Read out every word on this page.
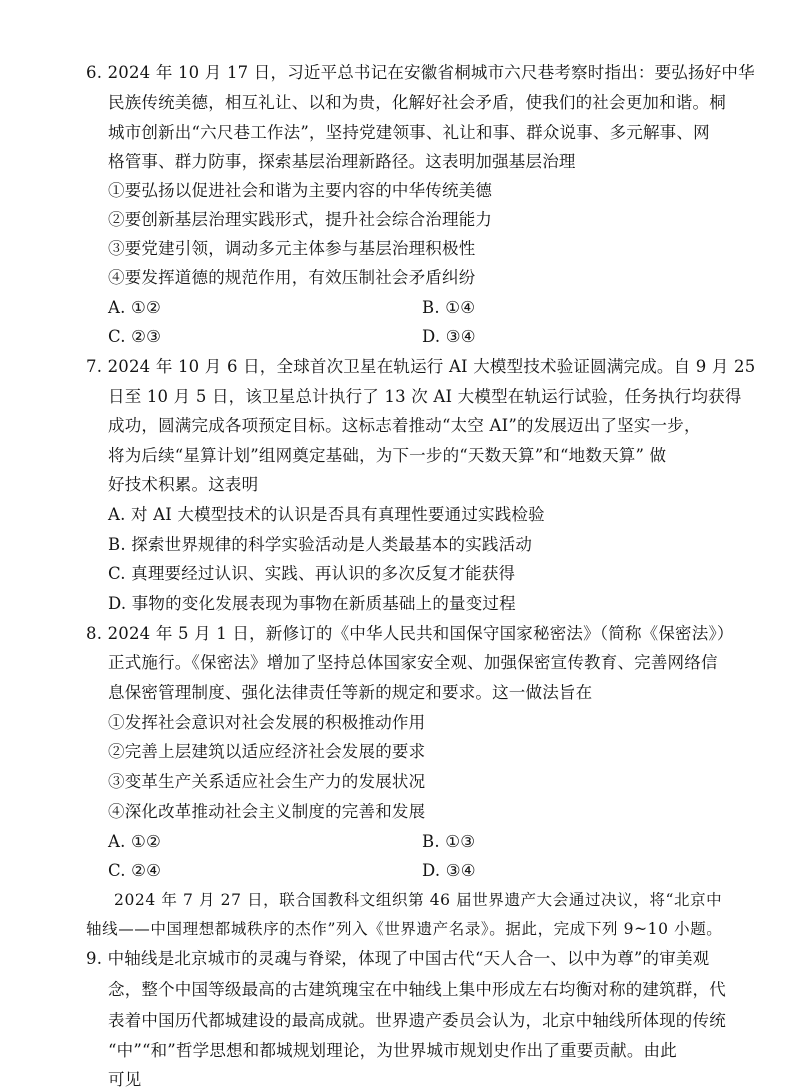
6. 2024 年 10 月 17 日，习近平总书记在安徽省桐城市六尺巷考察时指出：要弘扬好中华
民族传统美德，相互礼让、以和为贵，化解好社会矛盾，使我们的社会更加和谐。桐
城市创新出“六尺巷工作法”，坚持党建领事、礼让和事、群众说事、多元解事、网
格管事、群力防事，探索基层治理新路径。这表明加强基层治理
①要弘扬以促进社会和谐为主要内容的中华传统美德
②要创新基层治理实践形式，提升社会综合治理能力
③要党建引领，调动多元主体参与基层治理积极性
④要发挥道德的规范作用，有效压制社会矛盾纠纷
A. ①②	B. ①④
C. ②③	D. ③④
7. 2024 年 10 月 6 日，全球首次卫星在轨运行 AI 大模型技术验证圆满完成。自 9 月 25
日至 10 月 5 日，该卫星总计执行了 13 次 AI 大模型在轨运行试验，任务执行均获得
成功，圆满完成各项预定目标。这标志着推动“太空 AI”的发展迈出了坚实一步，
将为后续“星算计划”组网奠定基础，为下一步的“天数天算”和“地数天算” 做
好技术积累。这表明
A. 对 AI 大模型技术的认识是否具有真理性要通过实践检验
B. 探索世界规律的科学实验活动是人类最基本的实践活动
C. 真理要经过认识、实践、再认识的多次反复才能获得
D. 事物的变化发展表现为事物在新质基础上的量变过程
8. 2024 年 5 月 1 日，新修订的《中华人民共和国保守国家秘密法》（简称《保密法》）
正式施行。《保密法》增加了坚持总体国家安全观、加强保密宣传教育、完善网络信
息保密管理制度、强化法律责任等新的规定和要求。这一做法旨在
①发挥社会意识对社会发展的积极推动作用
②完善上层建筑以适应经济社会发展的要求
③变革生产关系适应社会生产力的发展状况
④深化改革推动社会主义制度的完善和发展
A. ①②	B. ①③
C. ②④	D. ③④
2024 年 7 月 27 日，联合国教科文组织第 46 届世界遗产大会通过决议，将“北京中
轴线——中国理想都城秩序的杰作”列入《世界遗产名录》。据此，完成下列 9~10 小题。
9. 中轴线是北京城市的灵魂与脊梁，体现了中国古代“天人合一、以中为尊”的审美观
念，整个中国等级最高的古建筑瑰宝在中轴线上集中形成左右均衡对称的建筑群，代
表着中国历代都城建设的最高成就。世界遗产委员会认为，北京中轴线所体现的传统
“中”“和”哲学思想和都城规划理论，为世界城市规划史作出了重要贡献。由此
可见
